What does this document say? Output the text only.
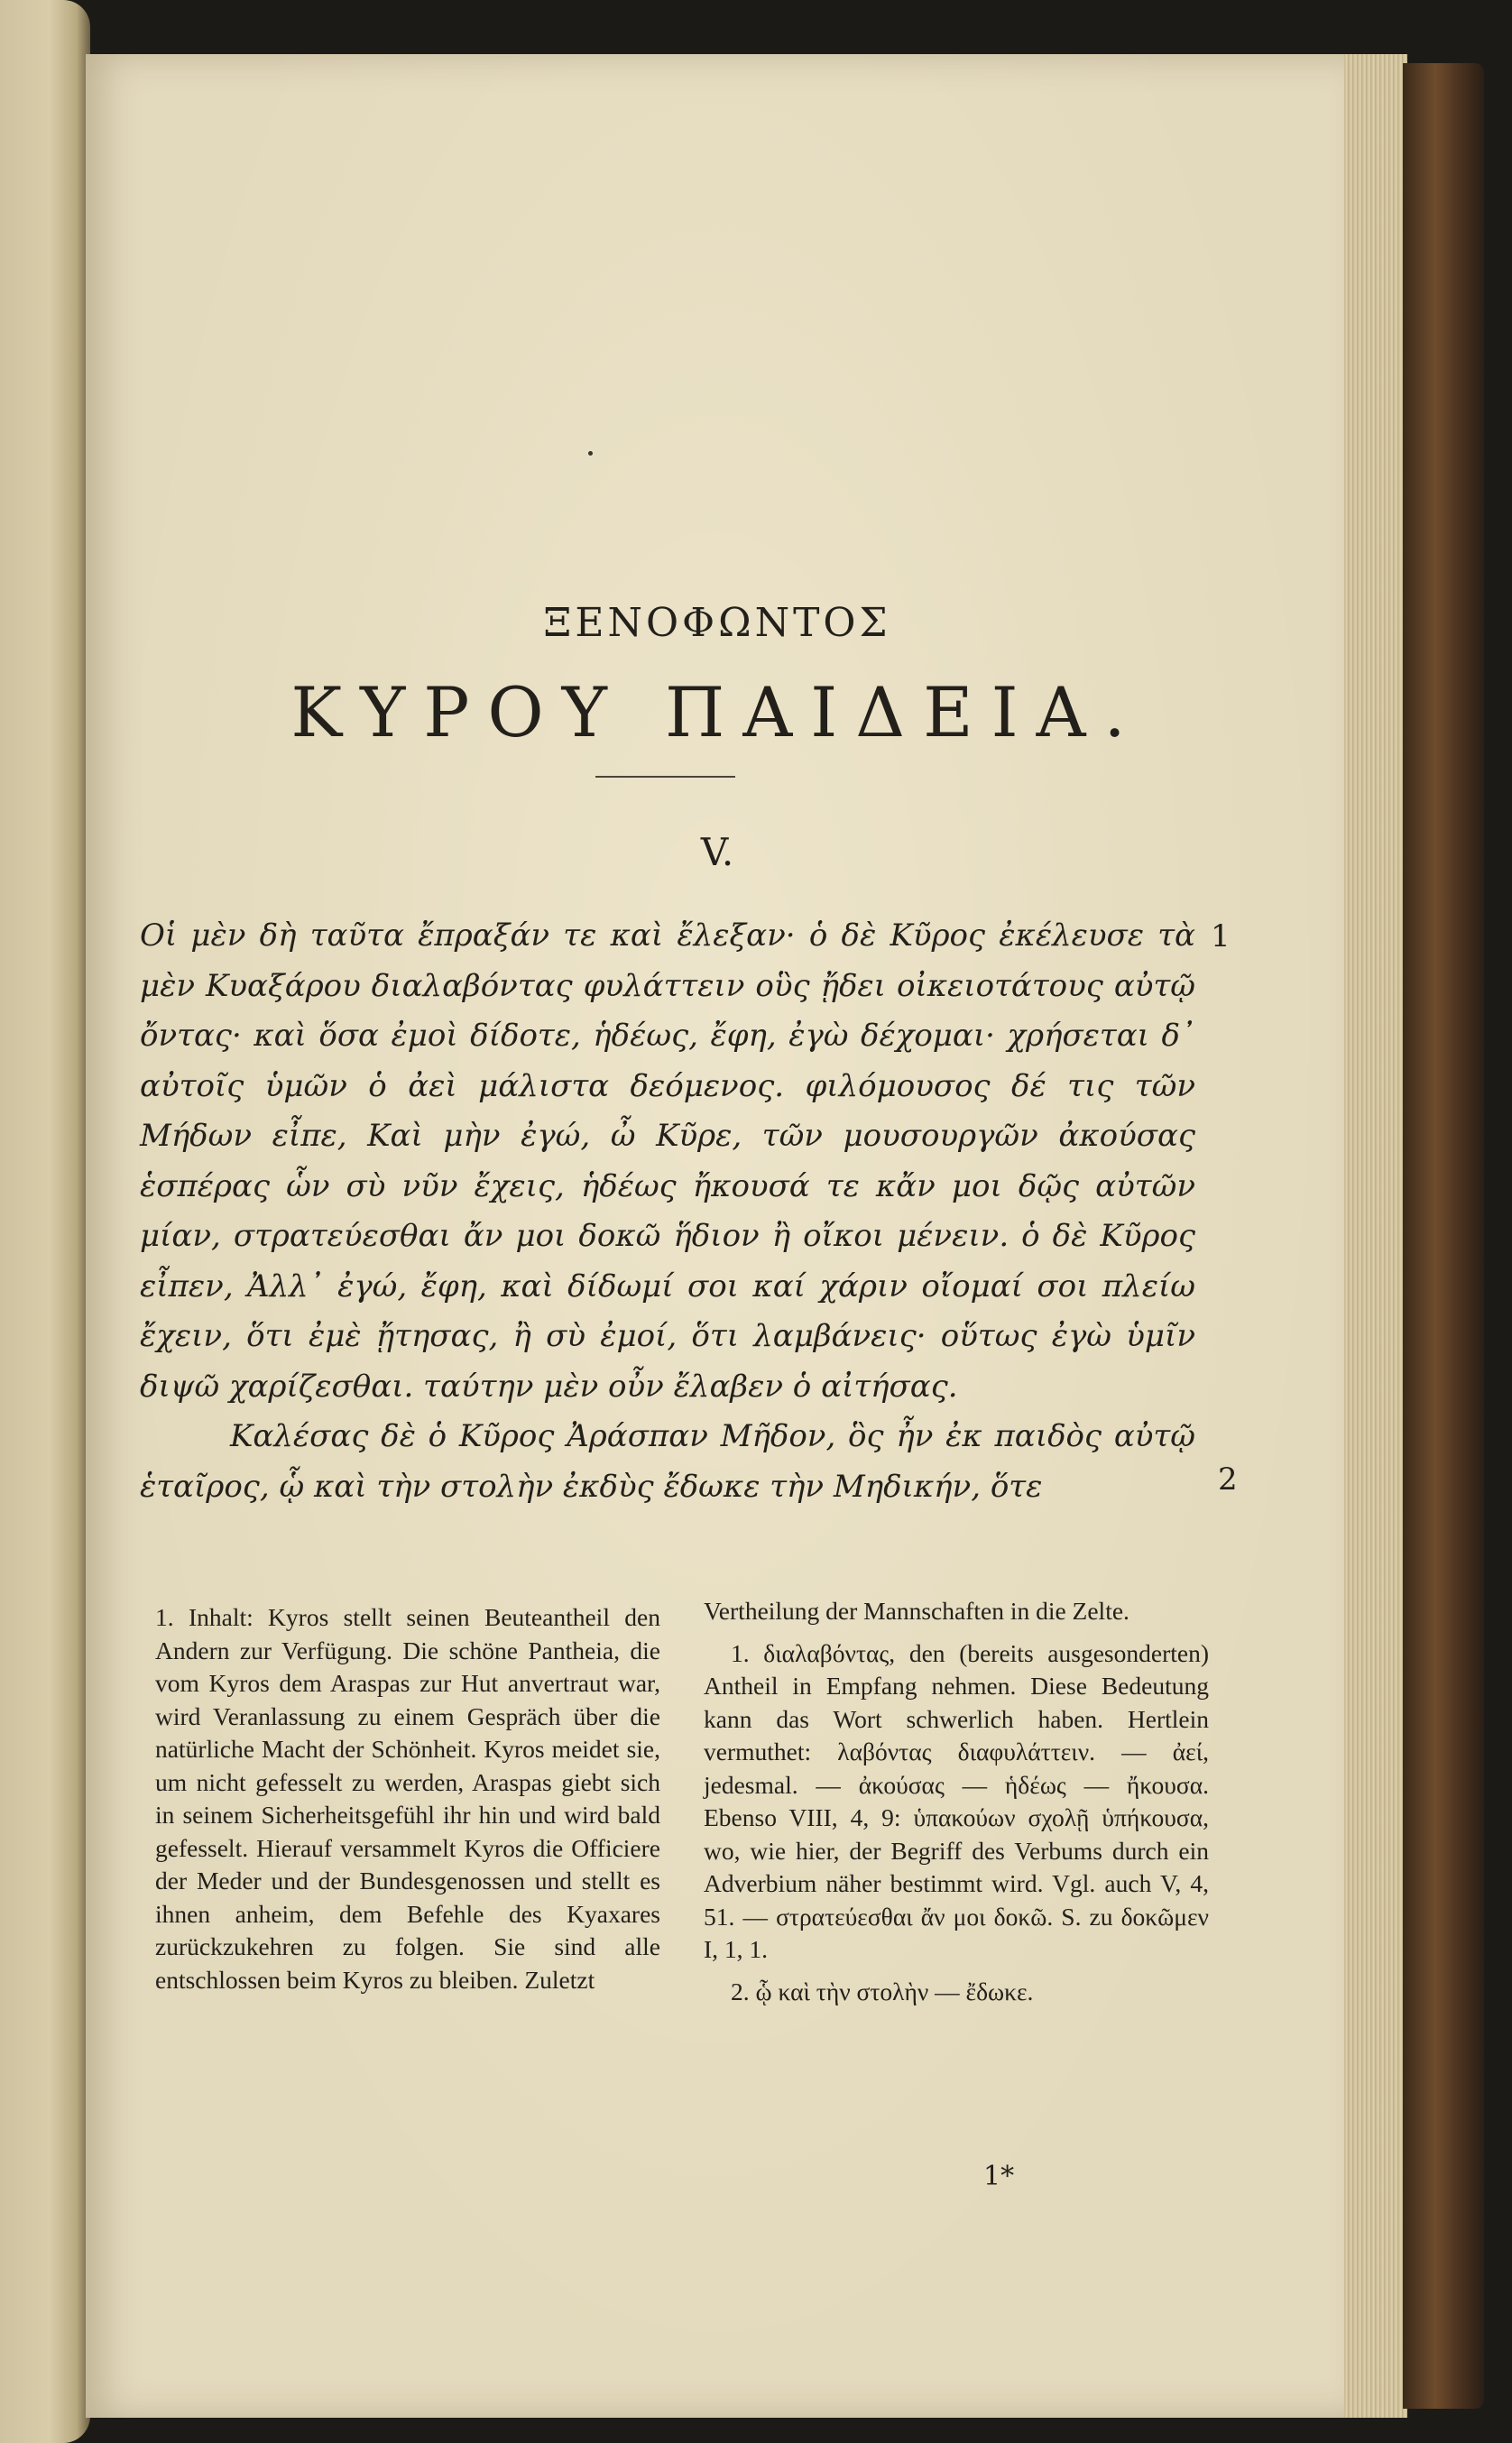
ΞΕΝΟΦΩΝΤΟΣ
ΚΥΡΟΥ ΠΑΙΔΕΙΑ.
V.

Οἱ μὲν δὴ ταῦτα ἔπραξάν τε καὶ ἔλεξαν· ὁ δὲ Κῦρος ἐκέλευσε τὰ μὲν Κυαξάρου διαλαβόντας φυλάττειν οὓς ᾔδει οἰκειοτάτους αὐτῷ ὄντας· καὶ ὅσα ἐμοὶ δίδοτε, ἡδέως, ἔφη, ἐγὼ δέχομαι· χρήσεται δ᾽ αὐτοῖς ὑμῶν ὁ ἀεὶ μάλιστα δεόμενος. φιλόμουσος δέ τις τῶν Μήδων εἶπε, Καὶ μὴν ἐγώ, ὦ Κῦρε, τῶν μουσουργῶν ἀκούσας ἑσπέρας ὧν σὺ νῦν ἔχεις, ἡδέως ἤκουσά τε κἄν μοι δῷς αὐτῶν μίαν, στρατεύεσθαι ἄν μοι δοκῶ ἥδιον ἢ οἴκοι μένειν. ὁ δὲ Κῦρος εἶπεν, Ἀλλ᾽ ἐγώ, ἔφη, καὶ δίδωμί σοι καί χάριν οἴομαί σοι πλείω ἔχειν, ὅτι ἐμὲ ᾔτησας, ἢ σὺ ἐμοί, ὅτι λαμβάνεις· οὕτως ἐγὼ ὑμῖν διψῶ χαρίζεσθαι. ταύτην μὲν οὖν ἔλαβεν ὁ αἰτήσας.

Καλέσας δὲ ὁ Κῦρος Ἀράσπαν Μῆδον, ὃς ἦν ἐκ παιδὸς αὐτῷ ἑταῖρος, ᾧ καὶ τὴν στολὴν ἐκδὺς ἔδωκε τὴν Μηδικήν, ὅτε

1
2

1. Inhalt: Kyros stellt seinen Beuteantheil den Andern zur Verfügung. Die schöne Pantheia, die vom Kyros dem Araspas zur Hut anvertraut war, wird Veranlassung zu einem Gespräch über die natürliche Macht der Schönheit. Kyros meidet sie, um nicht gefesselt zu werden, Araspas giebt sich in seinem Sicherheitsgefühl ihr hin und wird bald gefesselt. Hierauf versammelt Kyros die Officiere der Meder und der Bundesgenossen und stellt es ihnen anheim, dem Befehle des Kyaxares zurückzukehren zu folgen. Sie sind alle entschlossen beim Kyros zu bleiben. Zuletzt

Vertheilung der Mannschaften in die Zelte.

1. διαλαβόντας, den (bereits ausgesonderten) Antheil in Empfang nehmen. Diese Bedeutung kann das Wort schwerlich haben. Hertlein vermuthet: λαβόντας διαφυλάττειν. — ἀεί, jedesmal. — ἀκούσας — ἡδέως — ἤκουσα. Ebenso VIII, 4, 9: ὑπακούων σχολῇ ὑπήκουσα, wo, wie hier, der Begriff des Verbums durch ein Adverbium näher bestimmt wird. Vgl. auch V, 4, 51. — στρατεύεσθαι ἄν μοι δοκῶ. S. zu δοκῶμεν I, 1, 1.

2. ᾧ καὶ τὴν στολὴν — ἔδωκε.

1*
